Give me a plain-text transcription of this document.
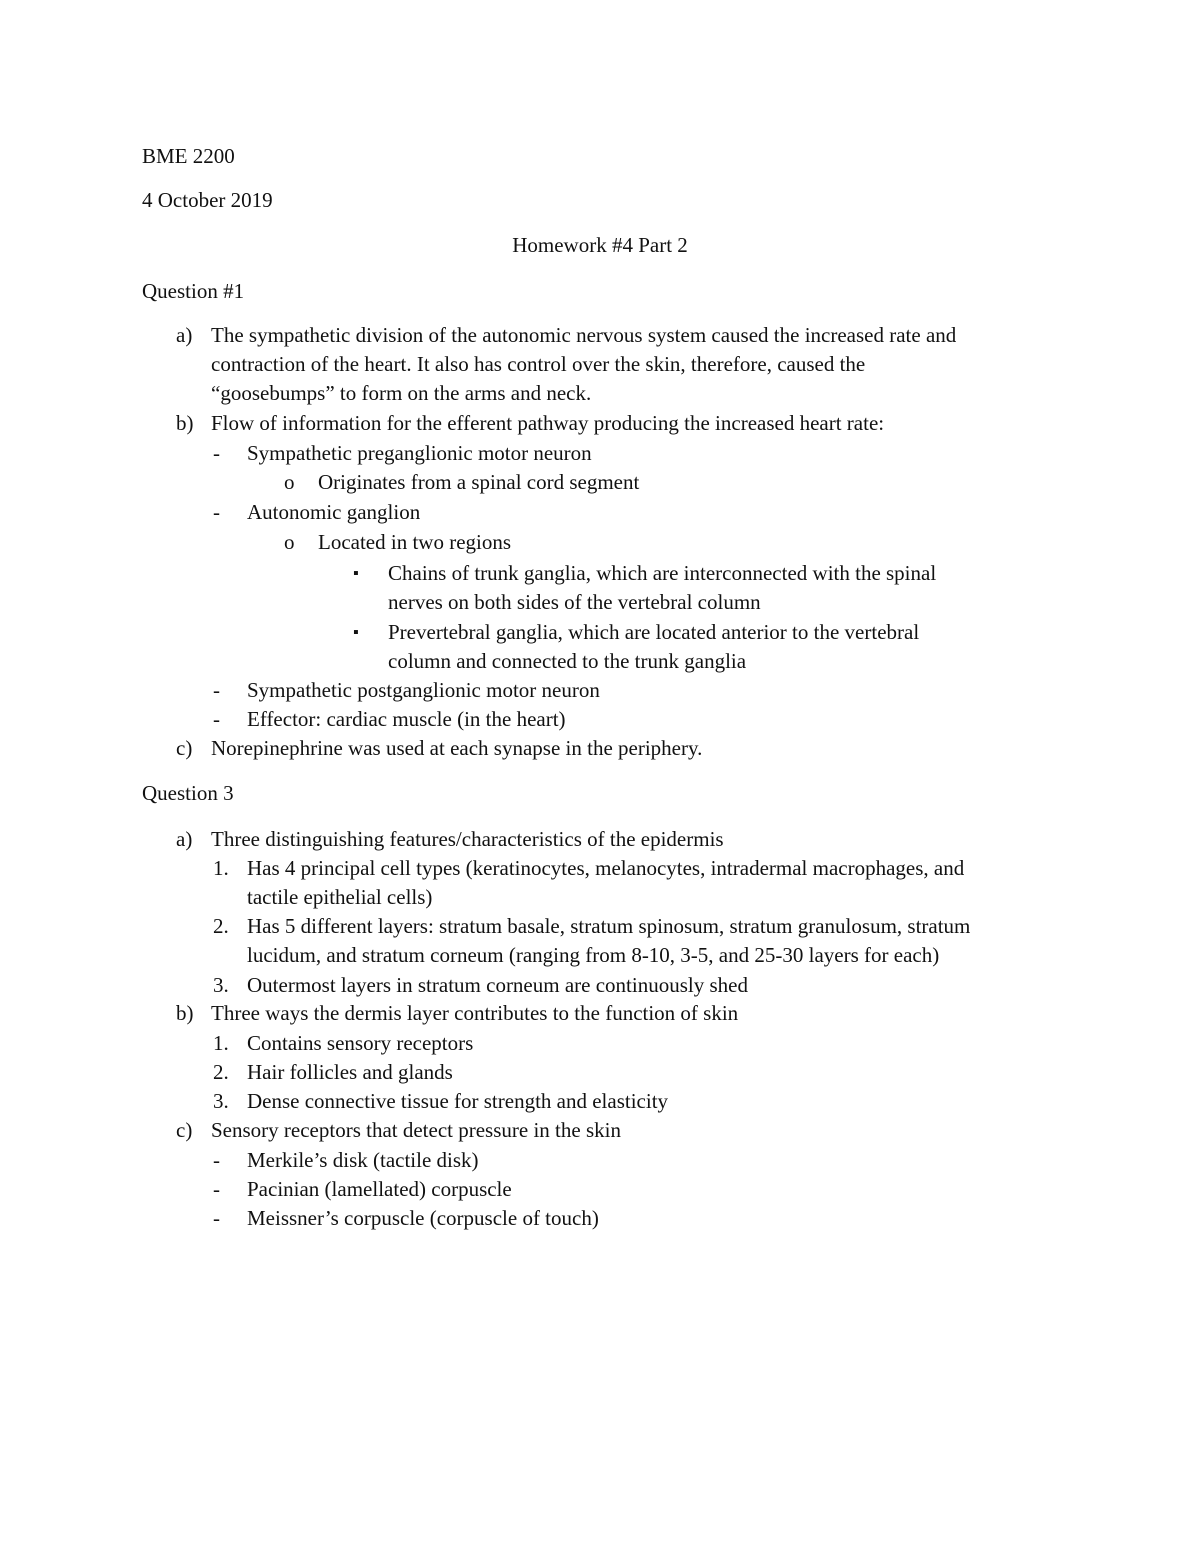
BME 2200
4 October 2019
Homework #4 Part 2
Question #1
a) The sympathetic division of the autonomic nervous system caused the increased rate and
contraction of the heart. It also has control over the skin, therefore, caused the
“goosebumps” to form on the arms and neck.
b) Flow of information for the efferent pathway producing the increased heart rate:
- Sympathetic preganglionic motor neuron
o Originates from a spinal cord segment
- Autonomic ganglion
o Located in two regions
▪ Chains of trunk ganglia, which are interconnected with the spinal
nerves on both sides of the vertebral column
▪ Prevertebral ganglia, which are located anterior to the vertebral
column and connected to the trunk ganglia
- Sympathetic postganglionic motor neuron
- Effector: cardiac muscle (in the heart)
c) Norepinephrine was used at each synapse in the periphery.
Question 3
a) Three distinguishing features/characteristics of the epidermis
1. Has 4 principal cell types (keratinocytes, melanocytes, intradermal macrophages, and
tactile epithelial cells)
2. Has 5 different layers: stratum basale, stratum spinosum, stratum granulosum, stratum
lucidum, and stratum corneum (ranging from 8-10, 3-5, and 25-30 layers for each)
3. Outermost layers in stratum corneum are continuously shed
b) Three ways the dermis layer contributes to the function of skin
1. Contains sensory receptors
2. Hair follicles and glands
3. Dense connective tissue for strength and elasticity
c) Sensory receptors that detect pressure in the skin
- Merkile’s disk (tactile disk)
- Pacinian (lamellated) corpuscle
- Meissner’s corpuscle (corpuscle of touch)
